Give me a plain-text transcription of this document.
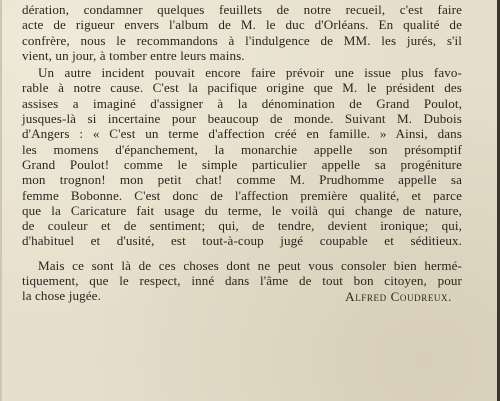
dération, condamner quelques feuillets de notre recueil, c'est faire
acte de rigueur envers l'album de M. le duc d'Orléans. En qualité de
confrère, nous le recommandons à l'indulgence de MM. les jurés, s'il
vient, un jour, à tomber entre leurs mains.
Un autre incident pouvait encore faire prévoir une issue plus favo-
rable à notre cause. C'est la pacifique origine que M. le président des
assises a imaginé d'assigner à la dénomination de Grand Poulot,
jusques-là si incertaine pour beaucoup de monde. Suivant M. Dubois
d'Angers : « C'est un terme d'affection créé en famille. » Ainsi, dans
les momens d'épanchement, la monarchie appelle son présomptif
Grand Poulot! comme le simple particulier appelle sa progéniture
mon trognon! mon petit chat! comme M. Prudhomme appelle sa
femme Bobonne. C'est donc de l'affection première qualité, et parce
que la Caricature fait usage du terme, le voilà qui change de nature,
de couleur et de sentiment; qui, de tendre, devient ironique; qui,
d'habituel et d'usité, est tout-à-coup jugé coupable et séditieux.
Mais ce sont là de ces choses dont ne peut vous consoler bien hermé-
tiquement, que le respect, inné dans l'âme de tout bon citoyen, pour
la chose jugée.	Alfred Coudreux.
